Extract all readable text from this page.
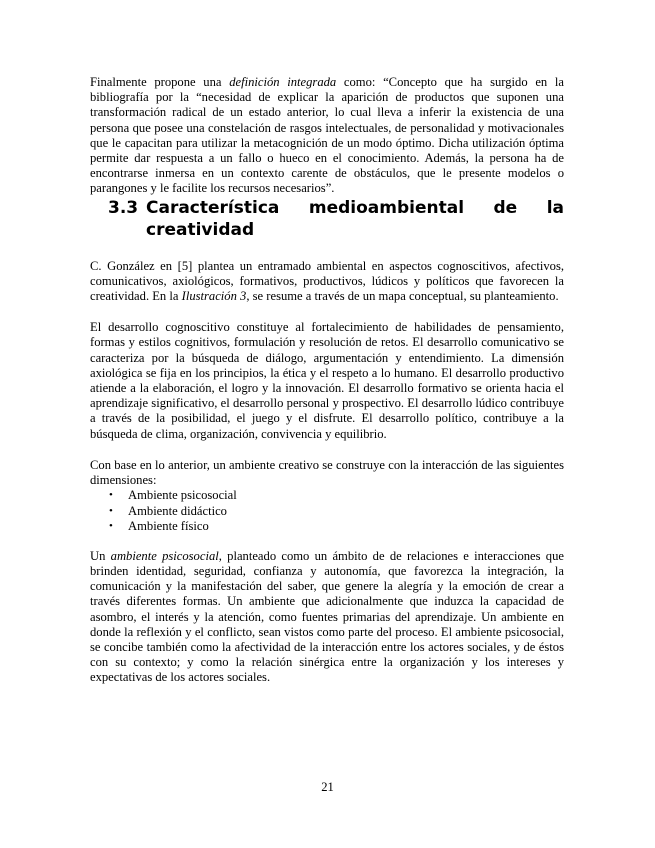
Finalmente propone una definición integrada como: “Concepto que ha surgido en la bibliografía por la “necesidad de explicar la aparición de productos que suponen una transformación radical de un estado anterior, lo cual lleva a inferir la existencia de una persona que posee una constelación de rasgos intelectuales, de personalidad y motivacionales que le capacitan para utilizar la metacognición de un modo óptimo. Dicha utilización óptima permite dar respuesta a un fallo o hueco en el conocimiento. Además, la persona ha de encontrarse inmersa en un contexto carente de obstáculos, que le presente modelos o parangones y le facilite los recursos necesarios”.

3.3 Característica medioambiental de la
creatividad

C. González en [5] plantea un entramado ambiental en aspectos cognoscitivos, afectivos, comunicativos, axiológicos, formativos, productivos, lúdicos y políticos que favorecen la creatividad. En la Ilustración 3, se resume a través de un mapa conceptual, su planteamiento.

El desarrollo cognoscitivo constituye al fortalecimiento de habilidades de pensamiento, formas y estilos cognitivos, formulación y resolución de retos. El desarrollo comunicativo se caracteriza por la búsqueda de diálogo, argumentación y entendimiento. La dimensión axiológica se fija en los principios, la ética y el respeto a lo humano. El desarrollo productivo atiende a la elaboración, el logro y la innovación. El desarrollo formativo se orienta hacia el aprendizaje significativo, el desarrollo personal y prospectivo. El desarrollo lúdico contribuye a través de la posibilidad, el juego y el disfrute. El desarrollo político, contribuye a la búsqueda de clima, organización, convivencia y equilibrio.

Con base en lo anterior, un ambiente creativo se construye con la interacción de las siguientes dimensiones:

• Ambiente psicosocial
• Ambiente didáctico
• Ambiente físico

Un ambiente psicosocial, planteado como un ámbito de de relaciones e interacciones que brinden identidad, seguridad, confianza y autonomía, que favorezca la integración, la comunicación y la manifestación del saber, que genere la alegría y la emoción de crear a través diferentes formas. Un ambiente que adicionalmente que induzca la capacidad de asombro, el interés y la atención, como fuentes primarias del aprendizaje. Un ambiente en donde la reflexión y el conflicto, sean vistos como parte del proceso. El ambiente psicosocial, se concibe también como la afectividad de la interacción entre los actores sociales, y de éstos con su contexto; y como la relación sinérgica entre la organización y los intereses y expectativas de los actores sociales.

21
